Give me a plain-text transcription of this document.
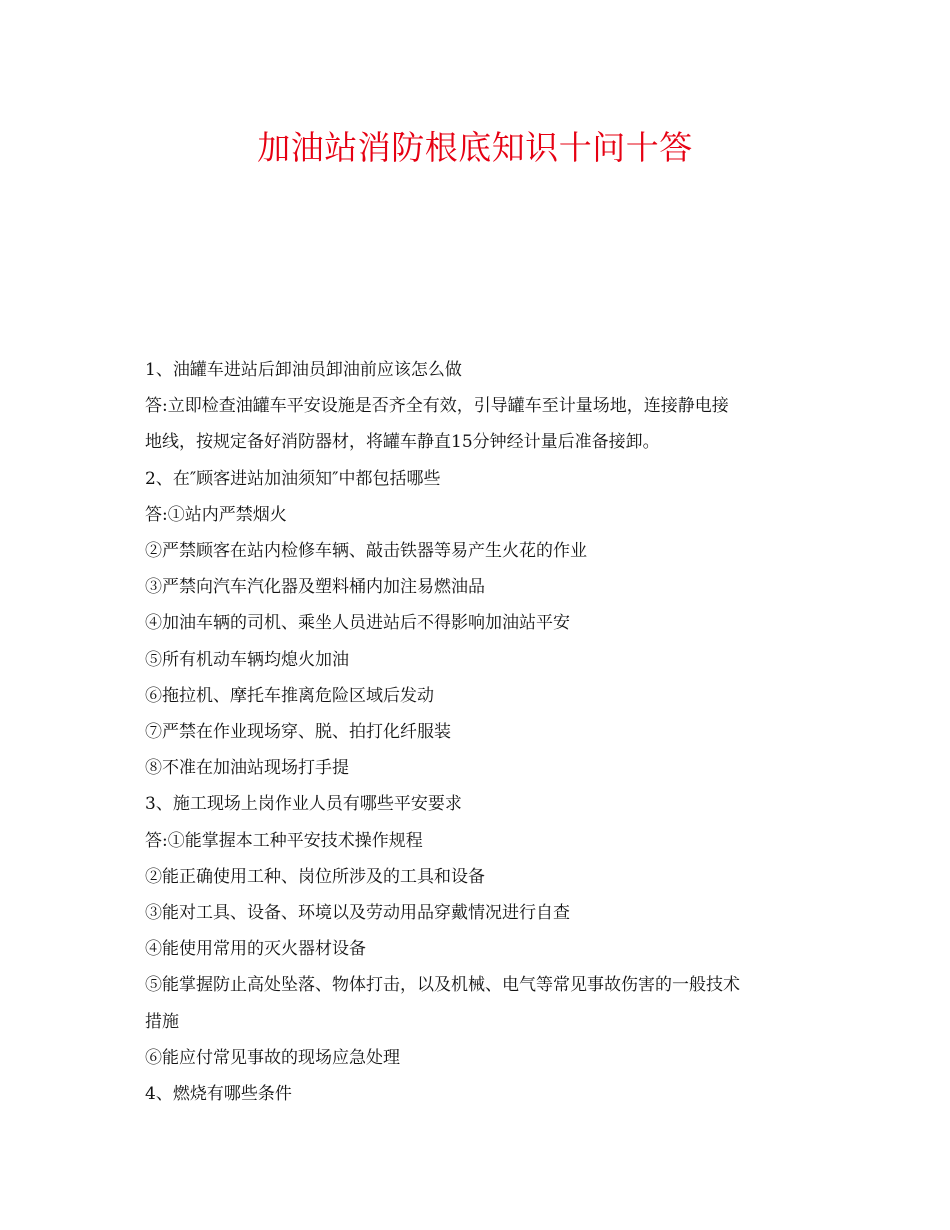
加油站消防根底知识十问十答
1、油罐车进站后卸油员卸油前应该怎么做
答:立即检查油罐车平安设施是否齐全有效，引导罐车至计量场地，连接静电接
地线，按规定备好消防器材，将罐车静直15分钟经计量后准备接卸。
2、在″顾客进站加油须知″中都包括哪些
答:①站内严禁烟火
②严禁顾客在站内检修车辆、敲击铁器等易产生火花的作业
③严禁向汽车汽化器及塑料桶内加注易燃油品
④加油车辆的司机、乘坐人员进站后不得影响加油站平安
⑤所有机动车辆均熄火加油
⑥拖拉机、摩托车推离危险区域后发动
⑦严禁在作业现场穿、脱、拍打化纤服装
⑧不准在加油站现场打手提
3、施工现场上岗作业人员有哪些平安要求
答:①能掌握本工种平安技术操作规程
②能正确使用工种、岗位所涉及的工具和设备
③能对工具、设备、环境以及劳动用品穿戴情况进行自查
④能使用常用的灭火器材设备
⑤能掌握防止高处坠落、物体打击，以及机械、电气等常见事故伤害的一般技术
措施
⑥能应付常见事故的现场应急处理
4、燃烧有哪些条件
